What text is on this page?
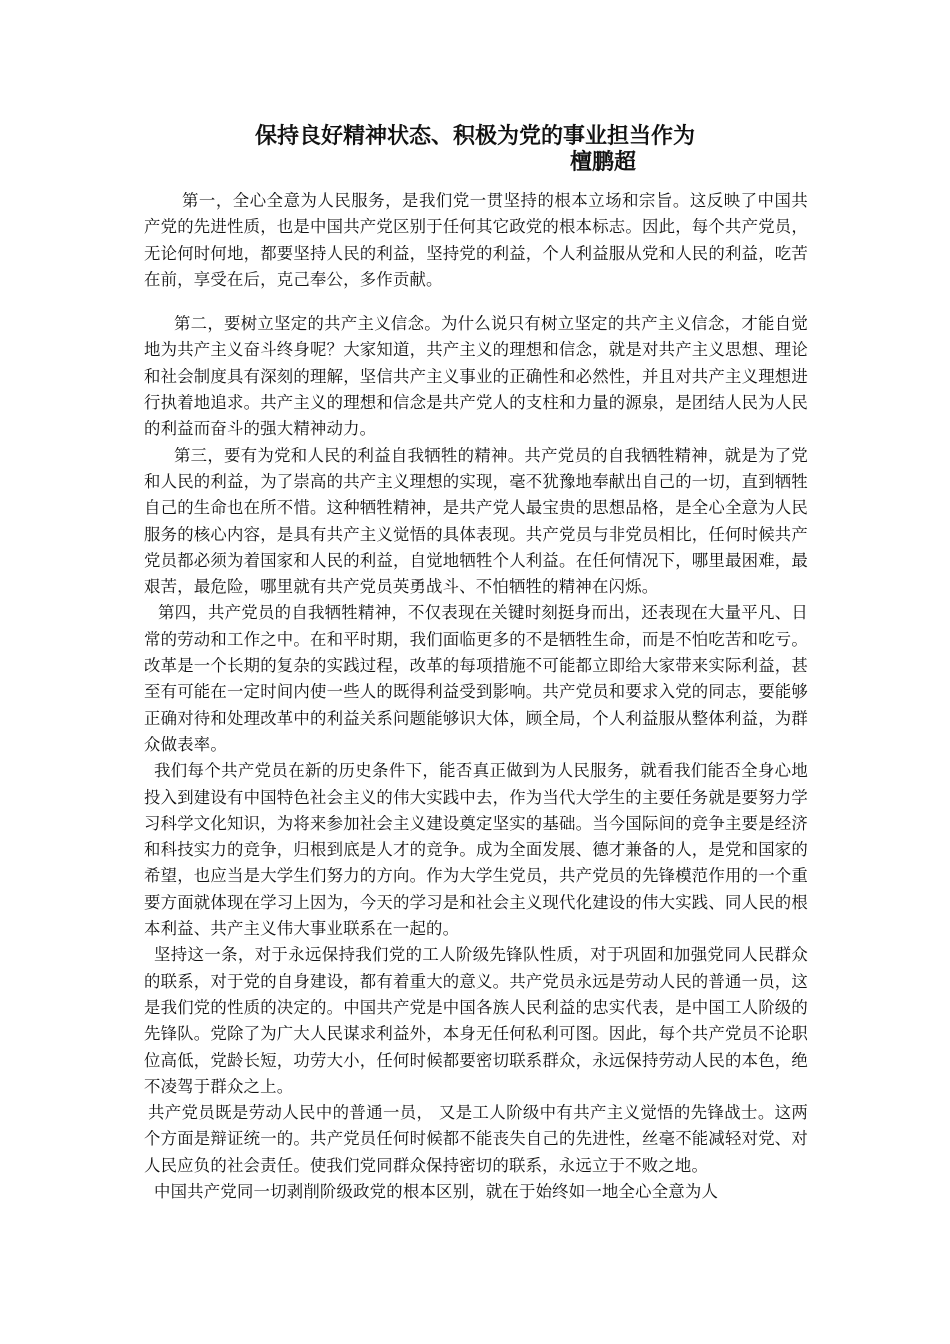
保持良好精神状态、积极为党的事业担当作为
檀鹏超

第一，全心全意为人民服务，是我们党一贯坚持的根本立场和宗旨。这反映了中国共产党的先进性质，也是中国共产党区别于任何其它政党的根本标志。因此，每个共产党员，无论何时何地，都要坚持人民的利益，坚持党的利益，个人利益服从党和人民的利益，吃苦在前，享受在后，克己奉公，多作贡献。

第二，要树立坚定的共产主义信念。为什么说只有树立坚定的共产主义信念，才能自觉地为共产主义奋斗终身呢？大家知道，共产主义的理想和信念，就是对共产主义思想、理论和社会制度具有深刻的理解，坚信共产主义事业的正确性和必然性，并且对共产主义理想进行执着地追求。共产主义的理想和信念是共产党人的支柱和力量的源泉，是团结人民为人民的利益而奋斗的强大精神动力。

第三，要有为党和人民的利益自我牺牲的精神。共产党员的自我牺牲精神，就是为了党和人民的利益，为了崇高的共产主义理想的实现，毫不犹豫地奉献出自己的一切，直到牺牲自己的生命也在所不惜。这种牺牲精神，是共产党人最宝贵的思想品格，是全心全意为人民服务的核心内容，是具有共产主义觉悟的具体表现。共产党员与非党员相比，任何时候共产党员都必须为着国家和人民的利益，自觉地牺牲个人利益。在任何情况下，哪里最困难，最艰苦，最危险，哪里就有共产党员英勇战斗、不怕牺牲的精神在闪烁。

第四，共产党员的自我牺牲精神，不仅表现在关键时刻挺身而出，还表现在大量平凡、日常的劳动和工作之中。在和平时期，我们面临更多的不是牺牲生命，而是不怕吃苦和吃亏。改革是一个长期的复杂的实践过程，改革的每项措施不可能都立即给大家带来实际利益，甚至有可能在一定时间内使一些人的既得利益受到影响。共产党员和要求入党的同志，要能够正确对待和处理改革中的利益关系问题能够识大体，顾全局，个人利益服从整体利益，为群众做表率。

我们每个共产党员在新的历史条件下，能否真正做到为人民服务，就看我们能否全身心地投入到建设有中国特色社会主义的伟大实践中去，作为当代大学生的主要任务就是要努力学习科学文化知识，为将来参加社会主义建设奠定坚实的基础。当今国际间的竞争主要是经济和科技实力的竞争，归根到底是人才的竞争。成为全面发展、德才兼备的人，是党和国家的希望，也应当是大学生们努力的方向。作为大学生党员，共产党员的先锋模范作用的一个重要方面就体现在学习上因为，今天的学习是和社会主义现代化建设的伟大实践、同人民的根本利益、共产主义伟大事业联系在一起的。

坚持这一条，对于永远保持我们党的工人阶级先锋队性质，对于巩固和加强党同人民群众的联系，对于党的自身建设，都有着重大的意义。共产党员永远是劳动人民的普通一员，这是我们党的性质的决定的。中国共产党是中国各族人民利益的忠实代表，是中国工人阶级的先锋队。党除了为广大人民谋求利益外，本身无任何私利可图。因此，每个共产党员不论职位高低，党龄长短，功劳大小，任何时候都要密切联系群众，永远保持劳动人民的本色，绝不凌驾于群众之上。

共产党员既是劳动人民中的普通一员， 又是工人阶级中有共产主义觉悟的先锋战士。这两个方面是辩证统一的。共产党员任何时候都不能丧失自己的先进性，丝毫不能减轻对党、对人民应负的社会责任。使我们党同群众保持密切的联系，永远立于不败之地。

中国共产党同一切剥削阶级政党的根本区别，就在于始终如一地全心全意为人
